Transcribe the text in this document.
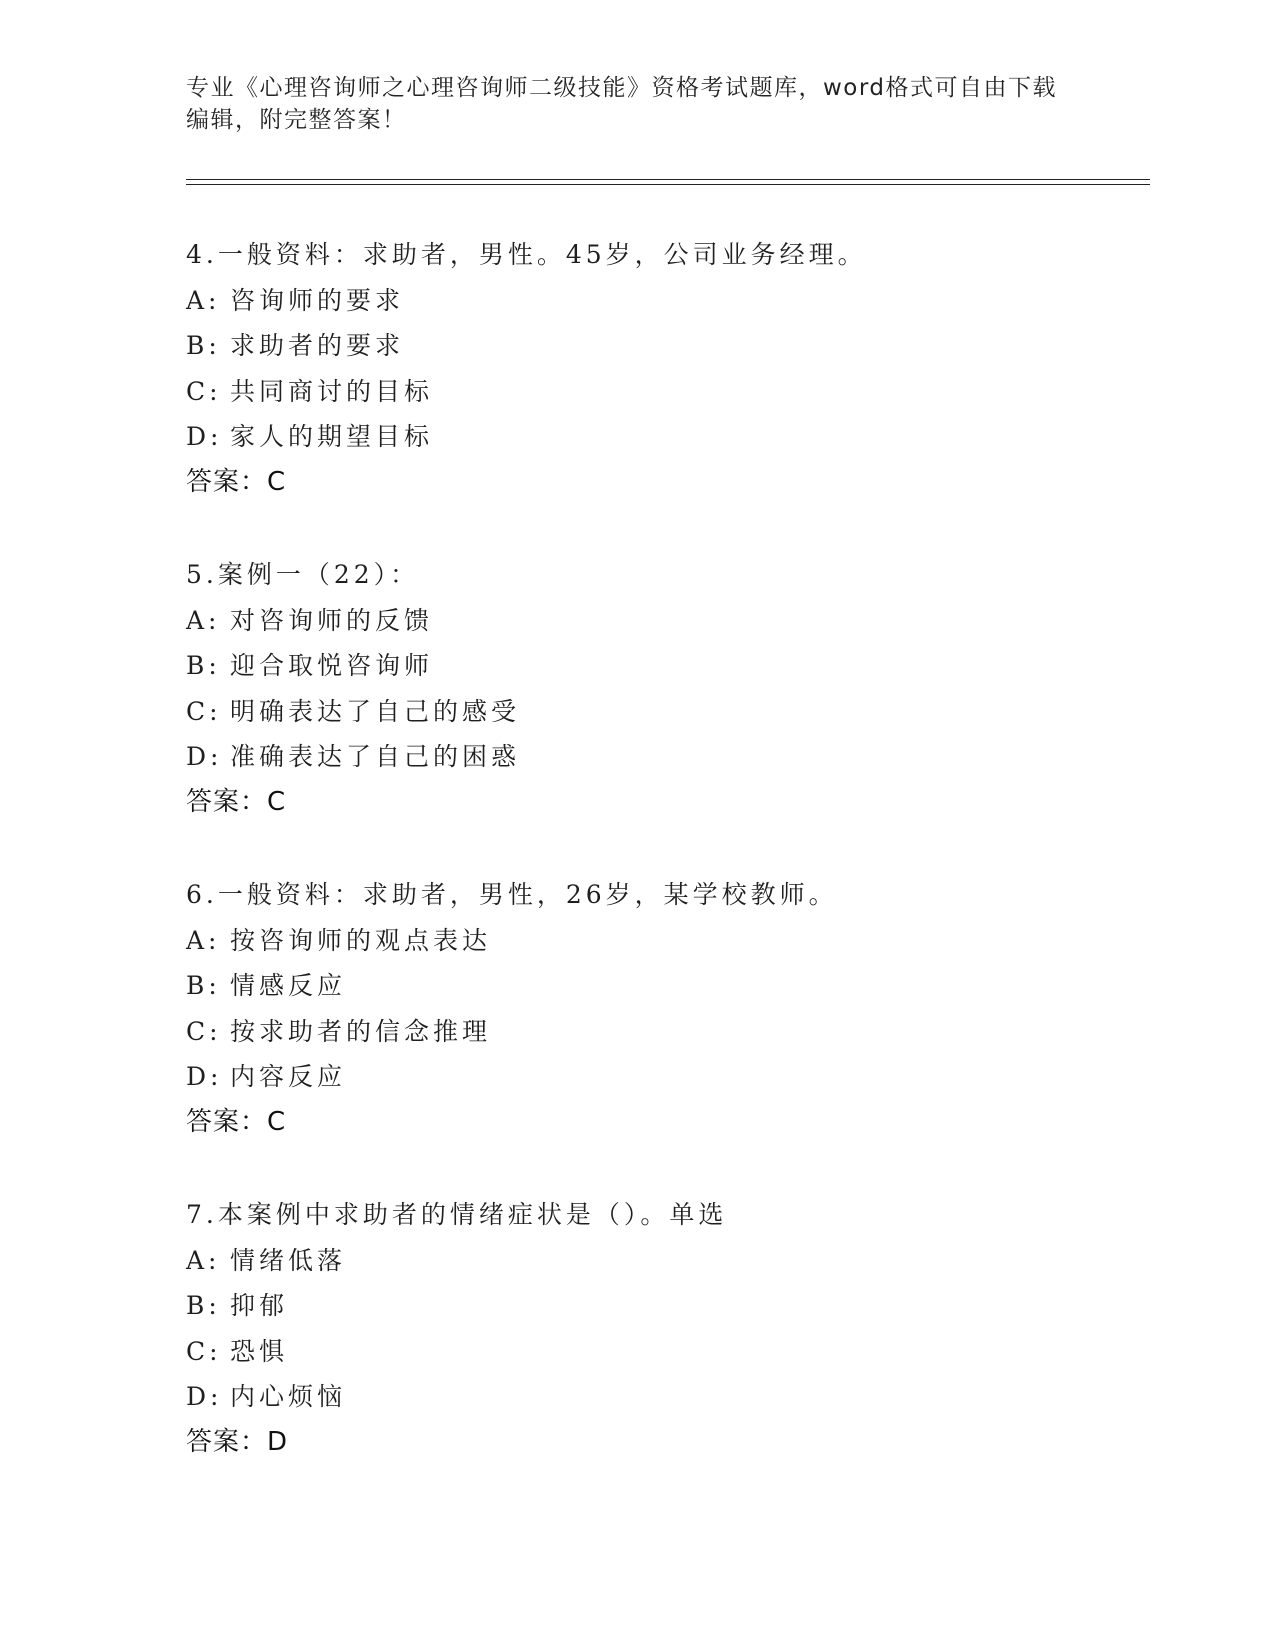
专业《心理咨询师之心理咨询师二级技能》资格考试题库，word格式可自由下载
编辑，附完整答案！
4.一般资料：求助者，男性。45岁，公司业务经理。
A: 咨询师的要求
B: 求助者的要求
C: 共同商讨的目标
D: 家人的期望目标
答案：C
5.案例一（22）：
A: 对咨询师的反馈
B: 迎合取悦咨询师
C: 明确表达了自己的感受
D: 准确表达了自己的困惑
答案：C
6.一般资料：求助者，男性，26岁，某学校教师。
A: 按咨询师的观点表达
B: 情感反应
C: 按求助者的信念推理
D: 内容反应
答案：C
7.本案例中求助者的情绪症状是（）。单选
A: 情绪低落
B: 抑郁
C: 恐惧
D: 内心烦恼
答案：D
